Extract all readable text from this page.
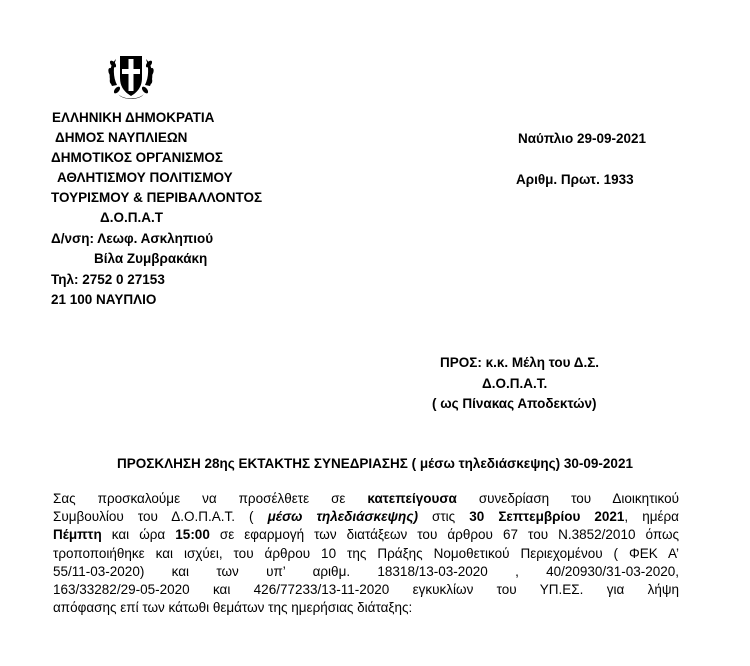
ΕΛΛΗΝΙΚΗ ΔΗΜΟΚΡΑΤΙΑ
ΔΗΜΟΣ ΝΑΥΠΛΙΕΩΝ
ΔΗΜΟΤΙΚΟΣ ΟΡΓΑΝΙΣΜΟΣ
ΑΘΛΗΤΙΣΜΟΥ ΠΟΛΙΤΙΣΜΟΥ
ΤΟΥΡΙΣΜΟΥ & ΠΕΡΙΒΑΛΛΟΝΤΟΣ
Δ.Ο.Π.Α.Τ
Δ/νση: Λεωφ. Ασκληπιού
Βίλα Ζυμβρακάκη
Τηλ: 2752 0 27153
21 100 ΝΑΥΠΛΙΟ
Ναύπλιο 29-09-2021
Αριθμ. Πρωτ. 1933
ΠΡΟΣ: κ.κ. Μέλη του Δ.Σ.
Δ.Ο.Π.Α.Τ.
( ως Πίνακας Αποδεκτών)
ΠΡΟΣΚΛΗΣΗ 28ης ΕΚΤΑΚΤΗΣ ΣΥΝΕΔΡΙΑΣΗΣ ( μέσω τηλεδιάσκεψης) 30-09-2021
Σας προσκαλούμε να προσέλθετε σε κατεπείγουσα συνεδρίαση του Διοικητικού
Συμβουλίου του Δ.Ο.Π.Α.Τ. ( μέσω τηλεδιάσκεψης) στις 30 Σεπτεμβρίου 2021, ημέρα
Πέμπτη και ώρα 15:00 σε εφαρμογή των διατάξεων του άρθρου 67 του Ν.3852/2010 όπως
τροποποιήθηκε και ισχύει, του άρθρου 10 της Πράξης Νομοθετικού Περιεχομένου ( ΦΕΚ Α’
55/11-03-2020) και των υπ’ αριθμ. 18318/13-03-2020 , 40/20930/31-03-2020,
163/33282/29-05-2020 και 426/77233/13-11-2020 εγκυκλίων του ΥΠ.ΕΣ. για λήψη
απόφασης επί των κάτωθι θεμάτων της ημερήσιας διάταξης:
